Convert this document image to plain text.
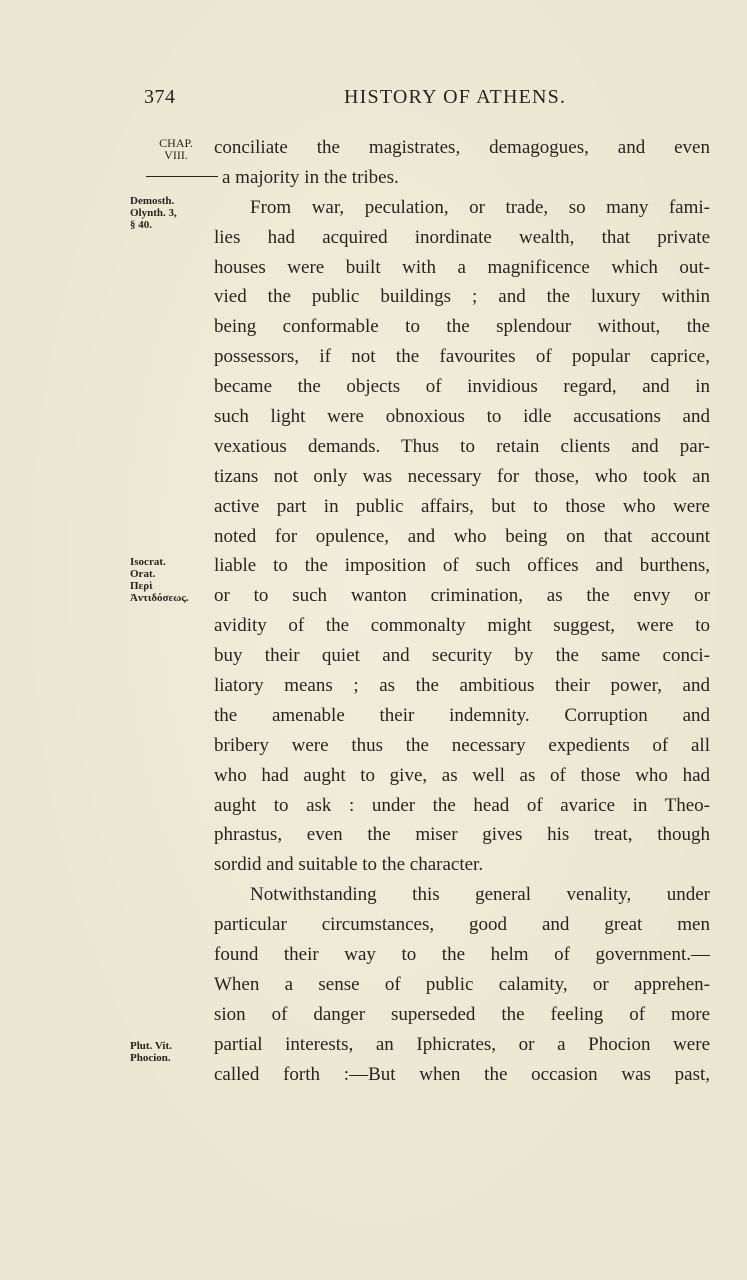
374	HISTORY OF ATHENS.
CHAP.
VIII.
Demosth.
Olynth. 3,
§ 40.
Isocrat.
Orat.
Περὶ
Ἀντιδόσεως.
Plut. Vit.
Phocion.
conciliate the magistrates, demagogues, and even
a majority in the tribes.
From war, peculation, or trade, so many fami-
lies had acquired inordinate wealth, that private
houses were built with a magnificence which out-
vied the public buildings ; and the luxury within
being conformable to the splendour without, the
possessors, if not the favourites of popular caprice,
became the objects of invidious regard, and in
such light were obnoxious to idle accusations and
vexatious demands. Thus to retain clients and par-
tizans not only was necessary for those, who took an
active part in public affairs, but to those who were
noted for opulence, and who being on that account
liable to the imposition of such offices and burthens,
or to such wanton crimination, as the envy or
avidity of the commonalty might suggest, were to
buy their quiet and security by the same conci-
liatory means ; as the ambitious their power, and
the amenable their indemnity. Corruption and
bribery were thus the necessary expedients of all
who had aught to give, as well as of those who had
aught to ask : under the head of avarice in Theo-
phrastus, even the miser gives his treat, though
sordid and suitable to the character.
Notwithstanding this general venality, under
particular circumstances, good and great men
found their way to the helm of government.—
When a sense of public calamity, or apprehen-
sion of danger superseded the feeling of more
partial interests, an Iphicrates, or a Phocion were
called forth :—But when the occasion was past,
